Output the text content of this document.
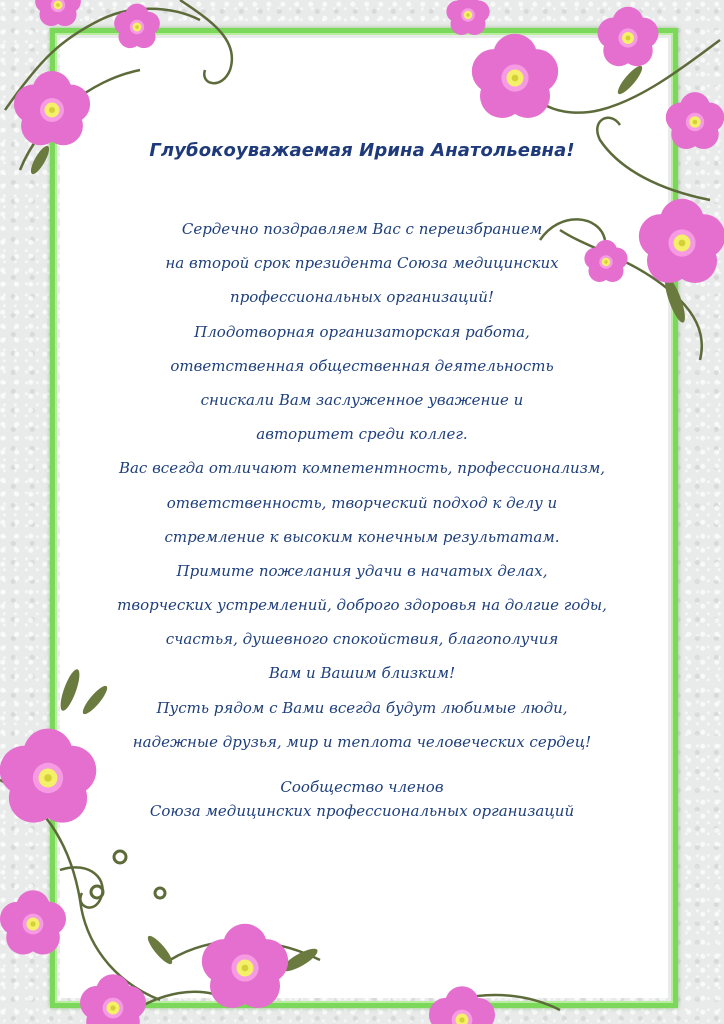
Глубокоуважаемая Ирина Анатольевна!
Сердечно поздравляем Вас с переизбранием
на второй срок президента Союза медицинских
профессиональных организаций!
Плодотворная организаторская работа,
ответственная общественная деятельность
снискали Вам заслуженное уважение и
авторитет среди коллег.
Вас всегда отличают компетентность, профессионализм,
ответственность, творческий подход к делу и
стремление к высоким конечным результатам.
Примите пожелания удачи в начатых делах,
творческих устремлений, доброго здоровья на долгие годы,
счастья, душевного спокойствия, благополучия
Вам и Вашим близким!
Пусть рядом с Вами всегда будут любимые люди,
надежные друзья, мир и теплота человеческих сердец!
Сообщество членов
Союза медицинских профессиональных организаций
